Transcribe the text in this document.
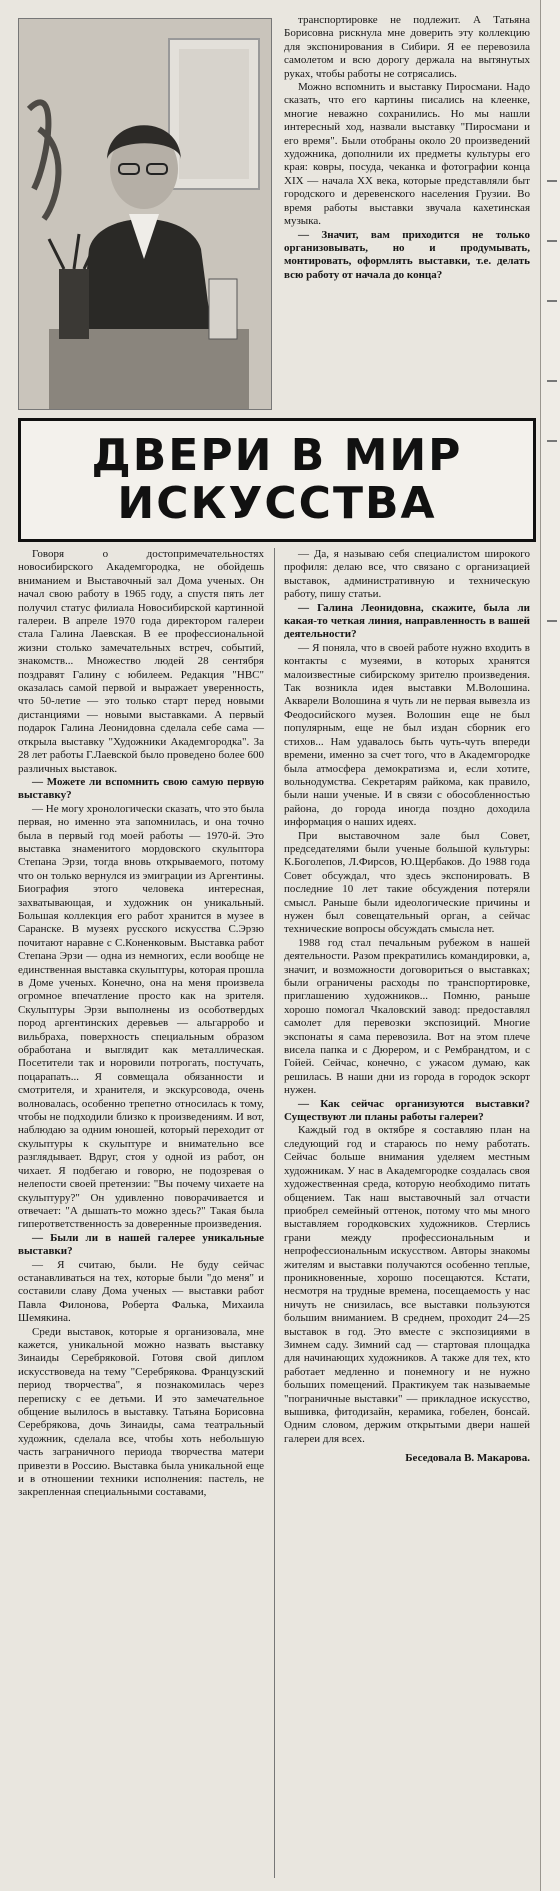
транспортировке не подлежит. А Татьяна Борисовна рискнула мне доверить эту коллекцию для экспонирования в Сибири. Я ее перевозила самолетом и всю дорогу держала на вытянутых руках, чтобы работы не сотрясались.

Можно вспомнить и выставку Пиросмани. Надо сказать, что его картины писались на клеенке, многие неважно сохранились. Но мы нашли интересный ход, назвали выставку "Пиросмани и его время". Были отобраны около 20 произведений художника, дополнили их предметы культуры его края: ковры, посуда, чеканка и фотографии конца XIX — начала XX века, которые представляли быт городского и деревенского населения Грузии. Во время работы выставки звучала кахетинская музыка.

— Значит, вам приходится не только организовывать, но и продумывать, монтировать, оформлять выставки, т.е. делать всю работу от начала до конца?

ДВЕРИ В МИР
ИСКУССТВА

Говоря о достопримечательностях новосибирского Академгородка, не обойдешь вниманием и Выставочный зал Дома ученых. Он начал свою работу в 1965 году, а спустя пять лет получил статус филиала Новосибирской картинной галереи. В апреле 1970 года директором галереи стала Галина Лаевская. В ее профессиональной жизни столько замечательных встреч, событий, знакомств... Множество людей 28 сентября поздравят Галину с юбилеем. Редакция "НВС" оказалась самой первой и выражает уверенность, что 50-летие — это только старт перед новыми дистанциями — новыми выставками. А первый подарок Галина Леонидовна сделала себе сама — открыла выставку "Художники Академгородка". За 28 лет работы Г.Лаевской было проведено более 600 различных выставок.

— Можете ли вспомнить свою самую первую выставку?

— Не могу хронологически сказать, что это была первая, но именно эта запомнилась, и она точно была в первый год моей работы — 1970-й. Это выставка знаменитого мордовского скульптора Степана Эрзи, тогда вновь открываемого, потому что он только вернулся из эмиграции из Аргентины. Биография этого человека интересная, захватывающая, и художник он уникальный. Большая коллекция его работ хранится в музее в Саранске. В музеях русского искусства С.Эрзю почитают наравне с С.Коненковым. Выставка работ Степана Эрзи — одна из немногих, если вообще не единственная выставка скульптуры, которая прошла в Доме ученых. Конечно, она на меня произвела огромное впечатление просто как на зрителя. Скульптуры Эрзи выполнены из особотвердых пород аргентинских деревьев — альгарробо и вильбраха, поверхность специальным образом обработана и выглядит как металлическая. Посетители так и норовили потрогать, постучать, поцарапать... Я совмещала обязанности и смотрителя, и хранителя, и экскурсовода, очень волновалась, особенно трепетно относилась к тому, чтобы не подходили близко к произведениям. И вот, наблюдаю за одним юношей, который переходит от скульптуры к скульптуре и внимательно все разглядывает. Вдруг, стоя у одной из работ, он чихает. Я подбегаю и говорю, не подозревая о нелепости своей претензии: "Вы почему чихаете на скульптуру?" Он удивленно поворачивается и отвечает: "А дышать-то можно здесь?" Такая была гиперответственность за доверенные произведения.

— Были ли в нашей галерее уникальные выставки?

— Я считаю, были. Не буду сейчас останавливаться на тех, которые были "до меня" и составили славу Дома ученых — выставки работ Павла Филонова, Роберта Фалька, Михаила Шемякина.

Среди выставок, которые я организовала, мне кажется, уникальной можно назвать выставку Зинаиды Серебряковой. Готовя свой диплом искусствоведа на тему "Серебрякова. Французский период творчества", я познакомилась через переписку с ее детьми. И это замечательное общение вылилось в выставку. Татьяна Борисовна Серебрякова, дочь Зинаиды, сама театральный художник, сделала все, чтобы хоть небольшую часть заграничного периода творчества матери привезти в Россию. Выставка была уникальной еще и в отношении техники исполнения: пастель, не закрепленная специальными составами,

— Да, я называю себя специалистом широкого профиля: делаю все, что связано с организацией выставок, административную и техническую работу, пишу статьи.

— Галина Леонидовна, скажите, была ли какая-то четкая линия, направленность в вашей деятельности?

— Я поняла, что в своей работе нужно входить в контакты с музеями, в которых хранятся малоизвестные сибирскому зрителю произведения. Так возникла идея выставки М.Волошина. Акварели Волошина я чуть ли не первая вывезла из Феодосийского музея. Волошин еще не был популярным, еще не был издан сборник его стихов... Нам удавалось быть чуть-чуть впереди времени, именно за счет того, что в Академгородке была атмосфера демократизма и, если хотите, вольнодумства. Секретарям райкома, как правило, были наши ученые. И в связи с обособленностью района, до города иногда поздно доходила информация о наших идеях.

При выставочном зале был Совет, председателями были ученые большой культуры: К.Боголепов, Л.Фирсов, Ю.Щербаков. До 1988 года Совет обсуждал, что здесь экспонировать. В последние 10 лет такие обсуждения потеряли смысл. Раньше были идеологические причины и нужен был совещательный орган, а сейчас технические вопросы обсуждать смысла нет.

1988 год стал печальным рубежом в нашей деятельности. Разом прекратились командировки, а, значит, и возможности договориться о выставках; были ограничены расходы по транспортировке, приглашению художников... Помню, раньше хорошо помогал Чкаловский завод: предоставлял самолет для перевозки экспозиций. Многие экспонаты я сама перевозила. Вот на этом плече висела папка и с Дюрером, и с Рембрандтом, и с Гойей. Сейчас, конечно, с ужасом думаю, как решилась. В наши дни из города в городок эскорт нужен.

— Как сейчас организуются выставки? Существуют ли планы работы галереи?

Каждый год в октябре я составляю план на следующий год и стараюсь по нему работать. Сейчас больше внимания уделяем местным художникам. У нас в Академгородке создалась своя художественная среда, которую необходимо питать общением. Так наш выставочный зал отчасти приобрел семейный оттенок, потому что мы много выставляем городковских художников. Стерлись грани между профессиональным и непрофессиональным искусством. Авторы знакомы жителям и выставки получаются особенно теплые, проникновенные, хорошо посещаются. Кстати, несмотря на трудные времена, посещаемость у нас ничуть не снизилась, все выставки пользуются большим вниманием. В среднем, проходит 24—25 выставок в год. Это вместе с экспозициями в Зимнем саду. Зимний сад — стартовая площадка для начинающих художников. А также для тех, кто работает медленно и понемногу и не нужно больших помещений. Практикуем так называемые "пограничные выставки" — прикладное искусство, вышивка, фитодизайн, керамика, гобелен, бонсай. Одним словом, держим открытыми двери нашей галереи для всех.

Беседовала В. Макарова.
